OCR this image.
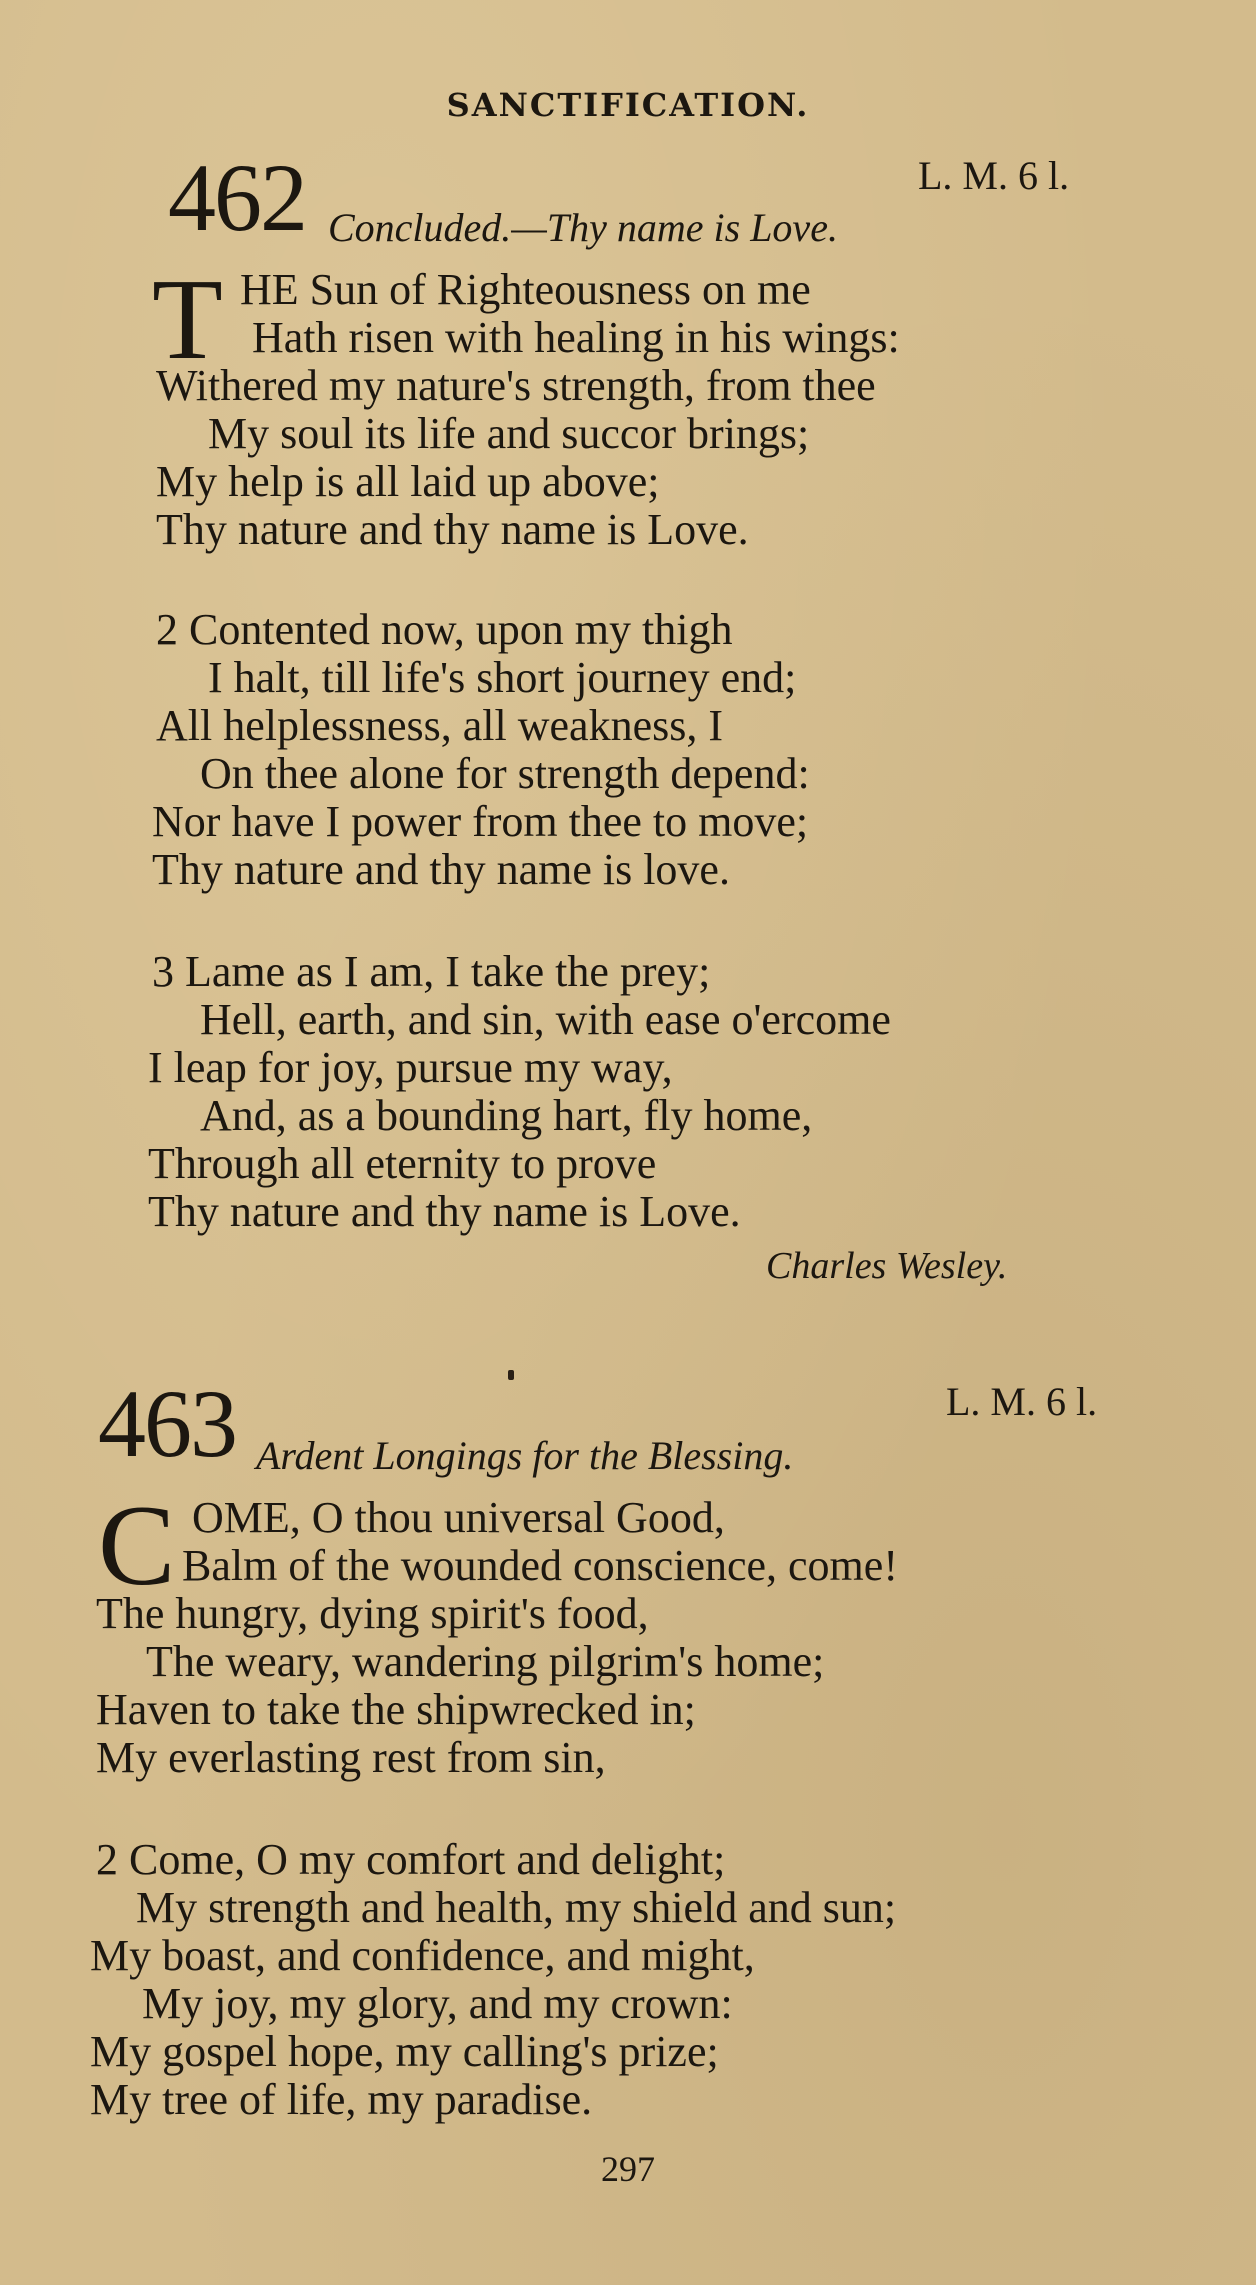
SANCTIFICATION.
462	L. M. 6 l.
Concluded.—Thy name is Love.
T HE Sun of Righteousness on me
Hath risen with healing in his wings:
Withered my nature's strength, from thee
My soul its life and succor brings;
My help is all laid up above;
Thy nature and thy name is Love.
2 Contented now, upon my thigh
I halt, till life's short journey end;
All helplessness, all weakness, I
On thee alone for strength depend:
Nor have I power from thee to move;
Thy nature and thy name is love.
3 Lame as I am, I take the prey;
Hell, earth, and sin, with ease o'ercome
I leap for joy, pursue my way,
And, as a bounding hart, fly home,
Through all eternity to prove
Thy nature and thy name is Love.
Charles Wesley.
463	L. M. 6 l.
Ardent Longings for the Blessing.
C OME, O thou universal Good,
Balm of the wounded conscience, come!
The hungry, dying spirit's food,
The weary, wandering pilgrim's home;
Haven to take the shipwrecked in;
My everlasting rest from sin,
2 Come, O my comfort and delight;
My strength and health, my shield and sun;
My boast, and confidence, and might,
My joy, my glory, and my crown:
My gospel hope, my calling's prize;
My tree of life, my paradise.
297
